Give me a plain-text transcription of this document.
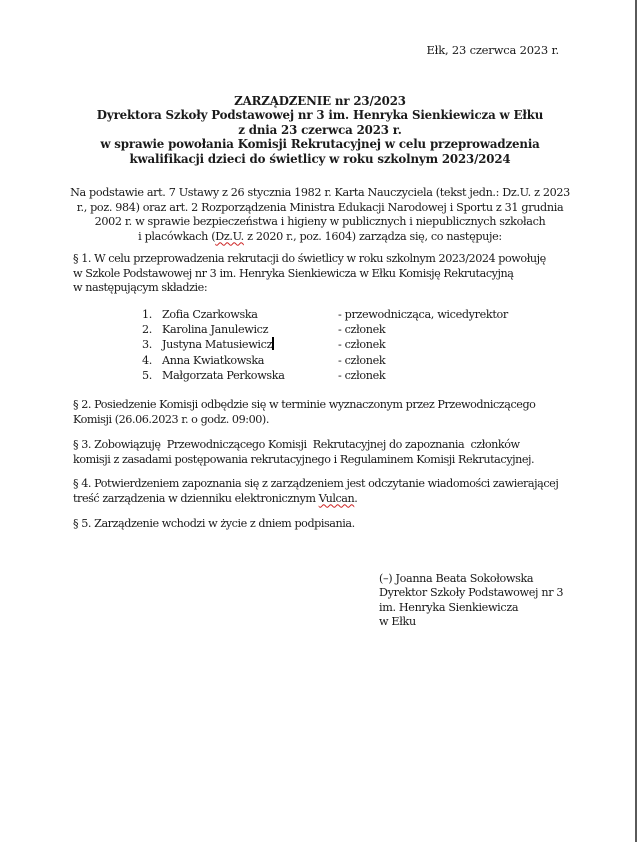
Ełk, 23 czerwca 2023 r.
ZARZĄDZENIE nr 23/2023
Dyrektora Szkoły Podstawowej nr 3 im. Henryka Sienkiewicza w Ełku
z dnia 23 czerwca 2023 r.
w sprawie powołania Komisji Rekrutacyjnej w celu przeprowadzenia
kwalifikacji dzieci do świetlicy w roku szkolnym 2023/2024
Na podstawie art. 7 Ustawy z 26 stycznia 1982 r. Karta Nauczyciela (tekst jedn.: Dz.U. z 2023
r., poz. 984) oraz art. 2 Rozporządzenia Ministra Edukacji Narodowej i Sportu z 31 grudnia
2002 r. w sprawie bezpieczeństwa i higieny w publicznych i niepublicznych szkołach
i placówkach (Dz.U. z 2020 r., poz. 1604) zarządza się, co następuje:
§ 1. W celu przeprowadzenia rekrutacji do świetlicy w roku szkolnym 2023/2024 powołuję
w Szkole Podstawowej nr 3 im. Henryka Sienkiewicza w Ełku Komisję Rekrutacyjną
w następującym składzie:
1. Zofia Czarkowska	- przewodnicząca, wicedyrektor
2. Karolina Janulewicz	- członek
3. Justyna Matusiewicz	- członek
4. Anna Kwiatkowska	- członek
5. Małgorzata Perkowska	- członek
§ 2. Posiedzenie Komisji odbędzie się w terminie wyznaczonym przez Przewodniczącego
Komisji (26.06.2023 r. o godz. 09:00).
§ 3. Zobowiązuję  Przewodniczącego Komisji  Rekrutacyjnej do zapoznania  członków
komisji z zasadami postępowania rekrutacyjnego i Regulaminem Komisji Rekrutacyjnej.
§ 4. Potwierdzeniem zapoznania się z zarządzeniem jest odczytanie wiadomości zawierającej
treść zarządzenia w dzienniku elektronicznym Vulcan.
§ 5. Zarządzenie wchodzi w życie z dniem podpisania.
(–) Joanna Beata Sokołowska
Dyrektor Szkoły Podstawowej nr 3
im. Henryka Sienkiewicza
w Ełku
